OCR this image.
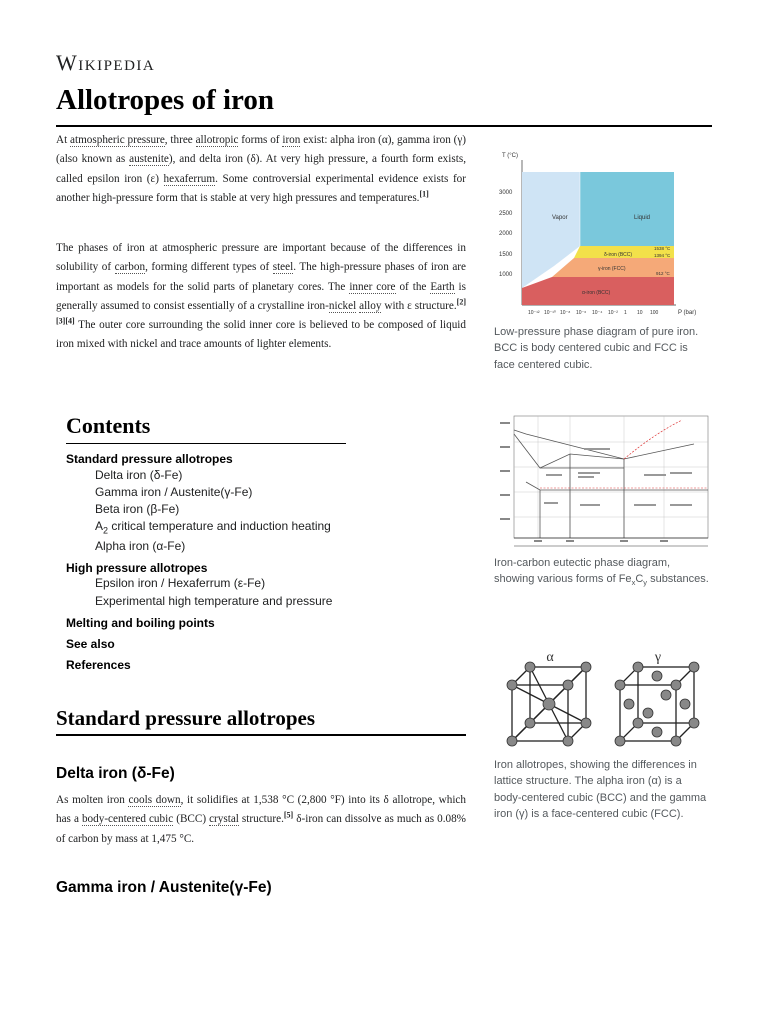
Wikipedia
Allotropes of iron

At atmospheric pressure, three allotropic forms of iron exist: alpha iron (α), gamma iron (γ) (also known as austenite), and delta iron (δ). At very high pressure, a fourth form exists, called epsilon iron (ε) hexaferrum. Some controversial experimental evidence exists for another high-pressure form that is stable at very high pressures and temperatures.[1]

The phases of iron at atmospheric pressure are important because of the differences in solubility of carbon, forming different types of steel. The high-pressure phases of iron are important as models for the solid parts of planetary cores. The inner core of the Earth is generally assumed to consist essentially of a crystalline iron-nickel alloy with ε structure.[2][3][4] The outer core surrounding the solid inner core is believed to be composed of liquid iron mixed with nickel and trace amounts of lighter elements.

Contents
Standard pressure allotropes
Delta iron (δ-Fe)
Gamma iron / Austenite(γ-Fe)
Beta iron (β-Fe)
$A_2$ critical temperature and induction heating
Alpha iron (α-Fe)
High pressure allotropes
Epsilon iron / Hexaferrum (ε-Fe)
Experimental high temperature and pressure
Melting and boiling points
See also
References
Standard pressure allotropes
Delta iron (δ-Fe)

As molten iron cools down, it solidifies at 1,538 °C (2,800 °F) into its δ allotrope, which has a body-centered cubic (BCC) crystal structure.[5] δ-iron can dissolve as much as 0.08% of carbon by mass at 1,475 °C.

Gamma iron / Austenite(γ-Fe)
T (°C)
P (bar)
3000
2500
2000
1500
1000
10⁻¹² 10⁻¹⁰ 10⁻⁸ 10⁻⁶ 10⁻⁴ 10⁻² 1 10 100
Vapor	Liquid
δ-iron (BCC)
γ-iron (FCC)
α-iron (BCC)
1538 °C
1394 °C
912 °C
Low-pressure phase diagram of pure iron. BCC is body centered cubic and FCC is face centered cubic.
Iron-carbon eutectic phase diagram, showing various forms of $Fe_xC_y$ substances.
α	γ
Iron allotropes, showing the differences in lattice structure. The alpha iron (α) is a body-centered cubic (BCC) and the gamma iron (γ) is a face-centered cubic (FCC).
